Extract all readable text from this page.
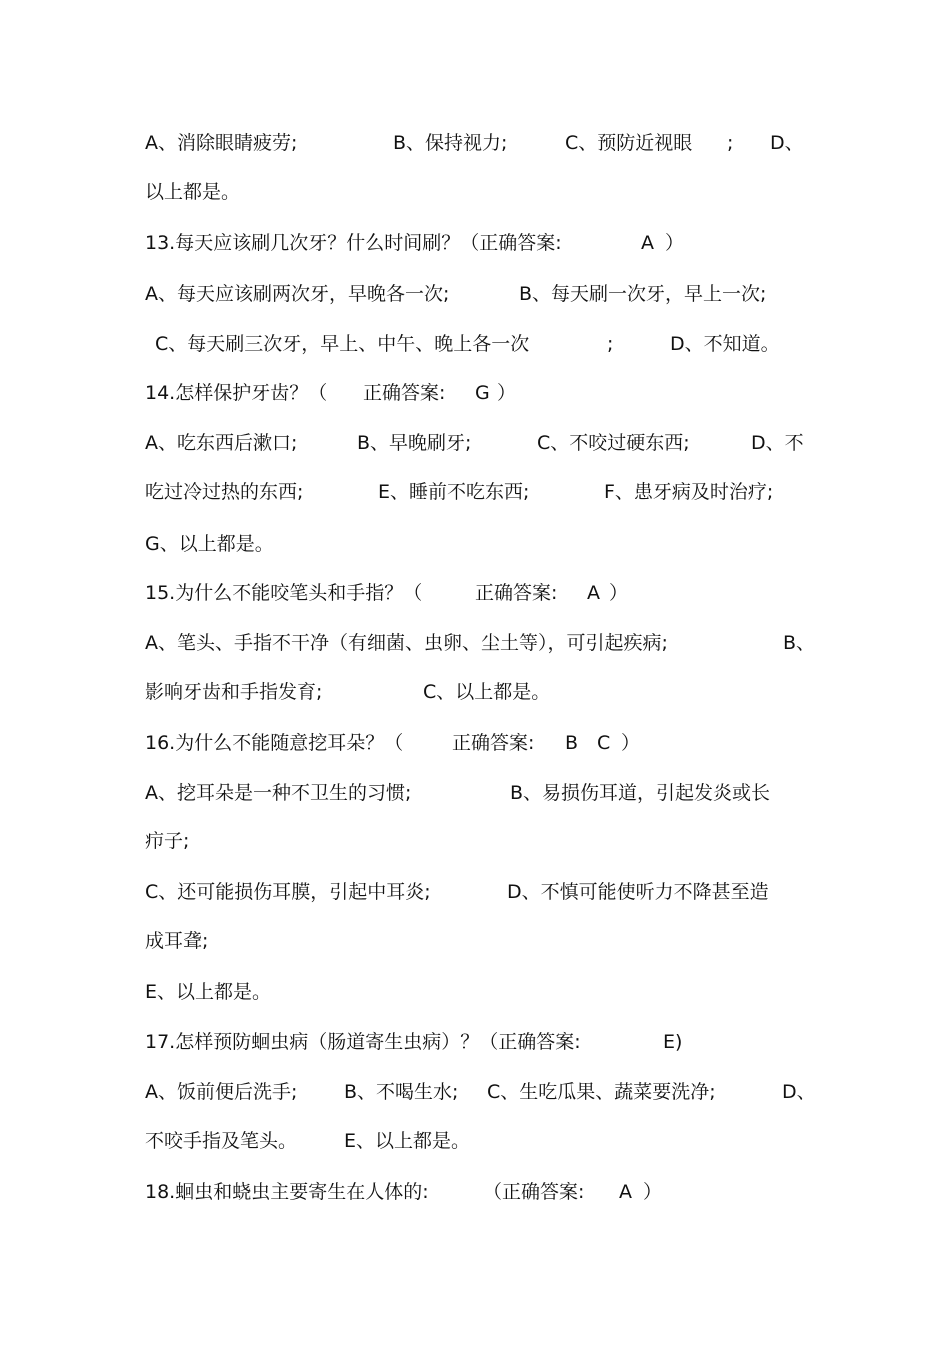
A、消除眼睛疲劳;	B、保持视力;	C、预防近视眼 ; D、
以上都是。
13.每天应该刷几次牙？什么时间刷？（正确答案:	A ）
A、每天应该刷两次牙，早晚各一次;	B、每天刷一次牙，早上一次;
C、每天刷三次牙，早上、中午、晚上各一次	;	D、不知道。
14.怎样保护牙齿？（ 正确答案: G ）
A、吃东西后漱口;	B、早晚刷牙;	C、不咬过硬东西;	D、不
吃过冷过热的东西;	E、睡前不吃东西;	F、患牙病及时治疗;
G、以上都是。
15.为什么不能咬笔头和手指？（	正确答案: A ）
A、笔头、手指不干净（有细菌、虫卵、尘土等），可引起疾病;	B、
影响牙齿和手指发育;	C、以上都是。
16.为什么不能随意挖耳朵？（	正确答案: B C ）
A、挖耳朵是一种不卫生的习惯;	B、易损伤耳道，引起发炎或长
疖子;
C、还可能损伤耳膜，引起中耳炎;	D、不慎可能使听力不降甚至造
成耳聋;
E、以上都是。
17.怎样预防蛔虫病（肠道寄生虫病）？（正确答案:	E)
A、饭前便后洗手; B、不喝生水; C、生吃瓜果、蔬菜要洗净;	D、
不咬手指及笔头。 E、以上都是。
18.蛔虫和蛲虫主要寄生在人体的:	（正确答案: A ）
